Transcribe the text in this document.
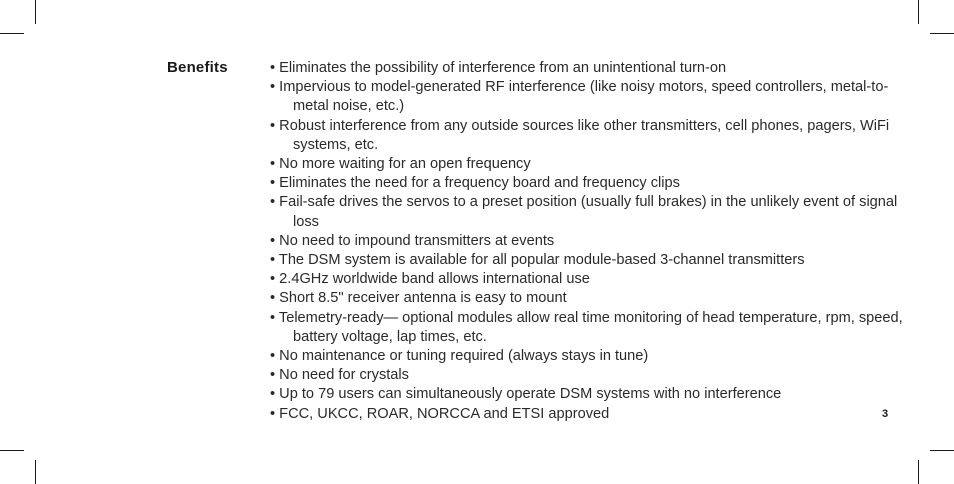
Benefits	• Eliminates the possibility of interference from an unintentional turn-on
• Impervious to model-generated RF interference (like noisy motors, speed controllers, metal-to-metal noise, etc.)
• Robust interference from any outside sources like other transmitters, cell phones, pagers, WiFi systems, etc.
• No more waiting for an open frequency
• Eliminates the need for a frequency board and frequency clips
• Fail-safe drives the servos to a preset position (usually full brakes) in the unlikely event of signal loss
• No need to impound transmitters at events
• The DSM system is available for all popular module-based 3-channel transmitters
• 2.4GHz worldwide band allows international use
• Short 8.5" receiver antenna is easy to mount
• Telemetry-ready— optional modules allow real time monitoring of head temperature, rpm, speed, battery voltage, lap times, etc.
• No maintenance or tuning required (always stays in tune)
• No need for crystals
• Up to 79 users can simultaneously operate DSM systems with no interference
• FCC, UKCC, ROAR, NORCCA and ETSI approved	3
